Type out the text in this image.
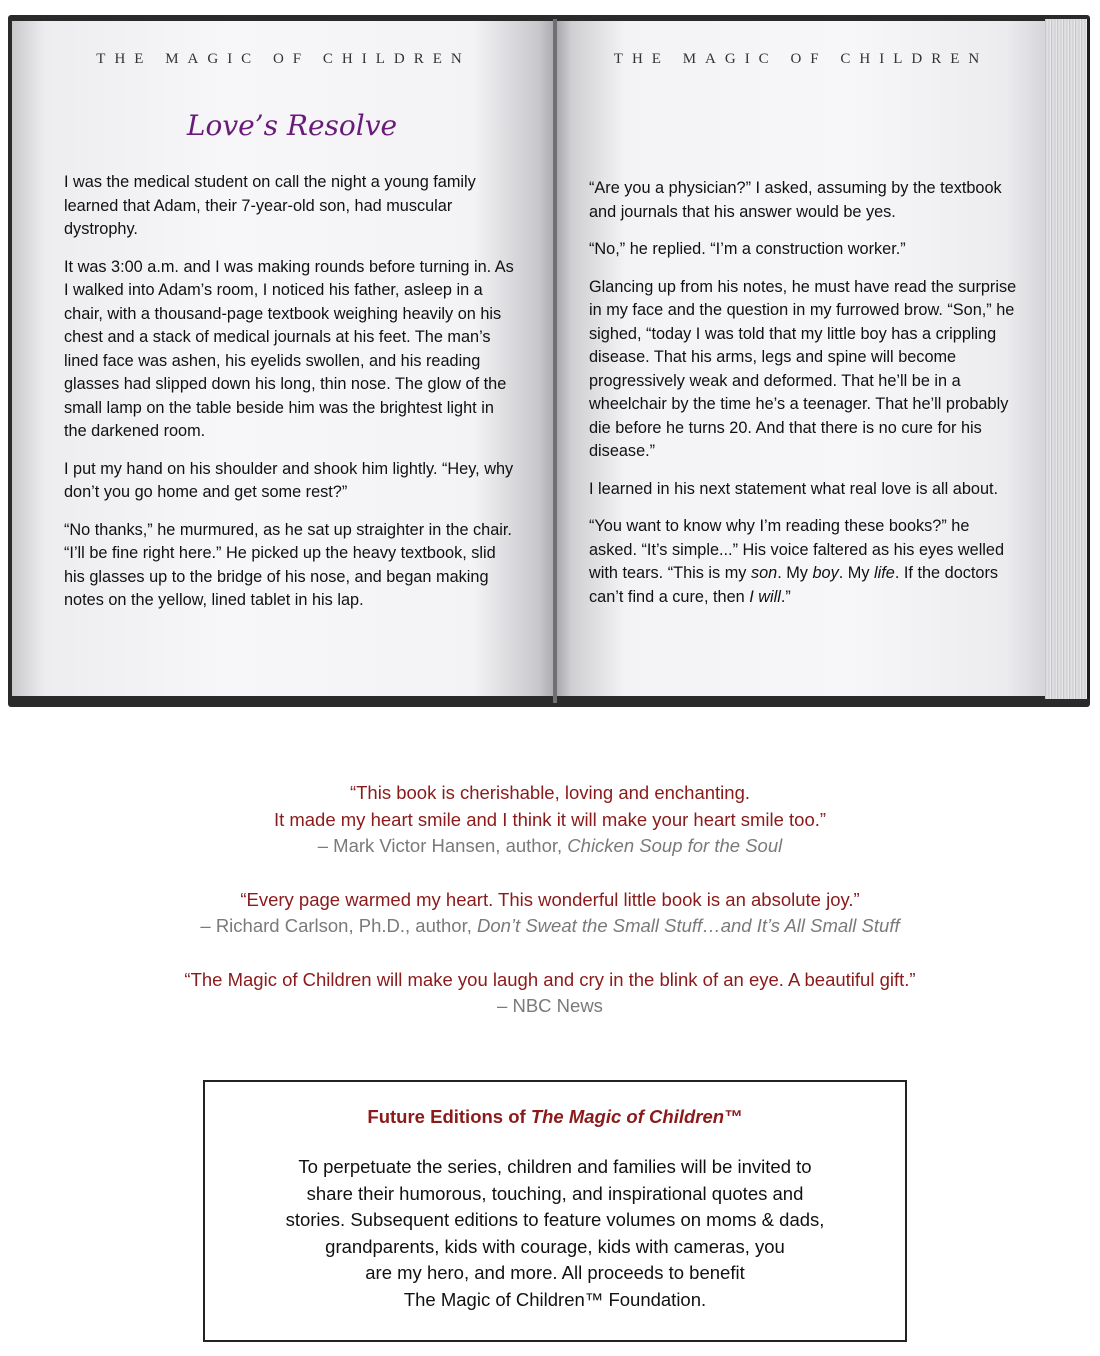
THE MAGIC OF CHILDREN
Love’s Resolve

I was the medical student on call the night a young family learned that Adam, their 7-year-old son, had muscular dystrophy.

It was 3:00 a.m. and I was making rounds before turning in. As I walked into Adam’s room, I noticed his father, asleep in a chair, with a thousand-page textbook weighing heavily on his chest and a stack of medical journals at his feet. The man’s lined face was ashen, his eyelids swollen, and his reading glasses had slipped down his long, thin nose. The glow of the small lamp on the table beside him was the brightest light in the darkened room.

I put my hand on his shoulder and shook him lightly. “Hey, why don’t you go home and get some rest?”

“No thanks,” he murmured, as he sat up straighter in the chair. “I’ll be fine right here.” He picked up the heavy textbook, slid his glasses up to the bridge of his nose, and began making notes on the yellow, lined tablet in his lap.

THE MAGIC OF CHILDREN

“Are you a physician?” I asked, assuming by the textbook and journals that his answer would be yes.

“No,” he replied. “I’m a construction worker.”

Glancing up from his notes, he must have read the surprise in my face and the question in my furrowed brow. “Son,” he sighed, “today I was told that my little boy has a crippling disease. That his arms, legs and spine will become progressively weak and deformed. That he’ll be in a wheelchair by the time he’s a teenager. That he’ll probably die before he turns 20. And that there is no cure for his disease.”

I learned in his next statement what real love is all about.

“You want to know why I’m reading these books?” he asked. “It’s simple...” His voice faltered as his eyes welled with tears. “This is my son. My boy. My life. If the doctors can’t find a cure, then I will.”

“This book is cherishable, loving and enchanting.
It made my heart smile and I think it will make your heart smile too.”
– Mark Victor Hansen, author, Chicken Soup for the Soul
“Every page warmed my heart. This wonderful little book is an absolute joy.”
– Richard Carlson, Ph.D., author, Don’t Sweat the Small Stuff…and It’s All Small Stuff
“The Magic of Children will make you laugh and cry in the blink of an eye. A beautiful gift.”
– NBC News
Future Editions of The Magic of Children™
To perpetuate the series, children and families will be invited to
share their humorous, touching, and inspirational quotes and
stories. Subsequent editions to feature volumes on moms & dads,
grandparents, kids with courage, kids with cameras, you
are my hero, and more. All proceeds to benefit
The Magic of Children™ Foundation.
